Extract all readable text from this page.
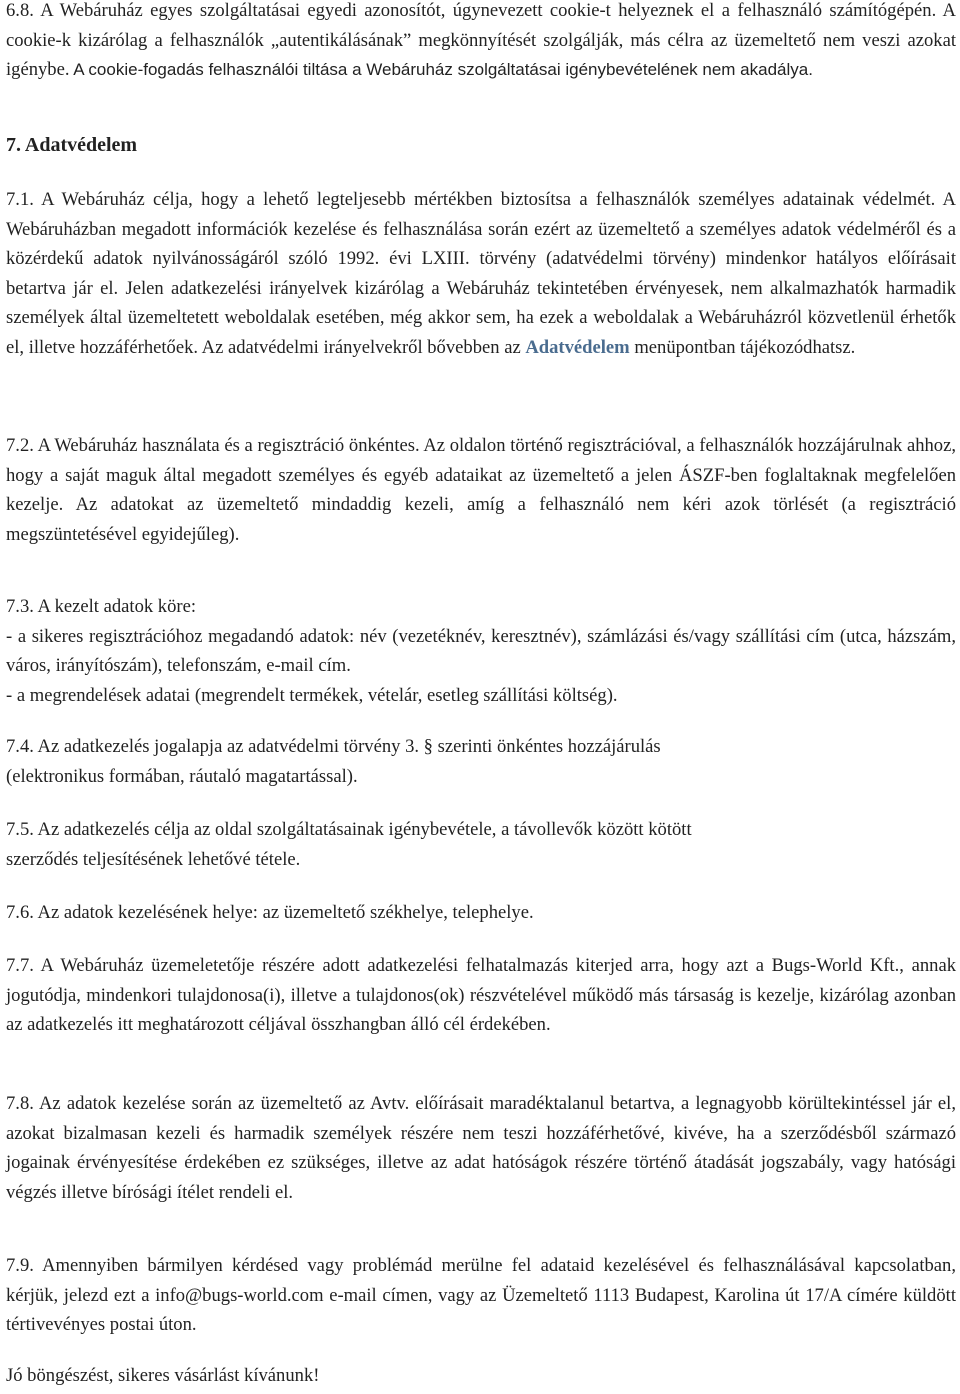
6.8. A Webáruház egyes szolgáltatásai egyedi azonosítót, úgynevezett cookie-t helyeznek el a felhasználó számítógépén. A cookie-k kizárólag a felhasználók „autentikálásának” megkönnyítését szolgálják, más célra az üzemeltető nem veszi azokat igénybe. A cookie-fogadás felhasználói tiltása a Webáruház szolgáltatásai igénybevételének nem akadálya.

7. Adatvédelem

7.1. A Webáruház célja, hogy a lehető legteljesebb mértékben biztosítsa a felhasználók személyes adatainak védelmét. A Webáruházban megadott információk kezelése és felhasználása során ezért az üzemeltető a személyes adatok védelméről és a közérdekű adatok nyilvánosságáról szóló 1992. évi LXIII. törvény (adatvédelmi törvény) mindenkor hatályos előírásait betartva jár el. Jelen adatkezelési irányelvek kizárólag a Webáruház tekintetében érvényesek, nem alkalmazhatók harmadik személyek által üzemeltetett weboldalak esetében, még akkor sem, ha ezek a weboldalak a Webáruházról közvetlenül érhetők el, illetve hozzáférhetőek. Az adatvédelmi irányelvekről bővebben az Adatvédelem menüpontban tájékozódhatsz.

7.2. A Webáruház használata és a regisztráció önkéntes. Az oldalon történő regisztrációval, a felhasználók hozzájárulnak ahhoz, hogy a saját maguk által megadott személyes és egyéb adataikat az üzemeltető a jelen ÁSZF-ben foglaltaknak megfelelően kezelje. Az adatokat az üzemeltető mindaddig kezeli, amíg a felhasználó nem kéri azok törlését (a regisztráció megszüntetésével egyidejűleg).

7.3. A kezelt adatok köre:
- a sikeres regisztrációhoz megadandó adatok: név (vezetéknév, keresztnév), számlázási és/vagy szállítási cím (utca, házszám, város, irányítószám), telefonszám, e-mail cím.
- a megrendelések adatai (megrendelt termékek, vételár, esetleg szállítási költség).

7.4. Az adatkezelés jogalapja az adatvédelmi törvény 3. § szerinti önkéntes hozzájárulás
(elektronikus formában, ráutaló magatartással).

7.5. Az adatkezelés célja az oldal szolgáltatásainak igénybevétele, a távollevők között kötött
szerződés teljesítésének lehetővé tétele.

7.6. Az adatok kezelésének helye: az üzemeltető székhelye, telephelye.

7.7. A Webáruház üzemeletetője részére adott adatkezelési felhatalmazás kiterjed arra, hogy azt a Bugs-World Kft., annak jogutódja, mindenkori tulajdonosa(i), illetve a tulajdonos(ok) részvételével működő más társaság is kezelje, kizárólag azonban az adatkezelés itt meghatározott céljával összhangban álló cél érdekében.

7.8. Az adatok kezelése során az üzemeltető az Avtv. előírásait maradéktalanul betartva, a legnagyobb körültekintéssel jár el, azokat bizalmasan kezeli és harmadik személyek részére nem teszi hozzáférhetővé, kivéve, ha a szerződésből származó jogainak érvényesítése érdekében ez szükséges, illetve az adat hatóságok részére történő átadását jogszabály, vagy hatósági végzés illetve bírósági ítélet rendeli el.

7.9. Amennyiben bármilyen kérdésed vagy problémád merülne fel adataid kezelésével és felhasználásával kapcsolatban, kérjük, jelezd ezt a info@bugs-world.com e-mail címen, vagy az Üzemeltető 1113 Budapest, Karolina út 17/A címére küldött tértivevényes postai úton.

Jó böngészést, sikeres vásárlást kívánunk!
